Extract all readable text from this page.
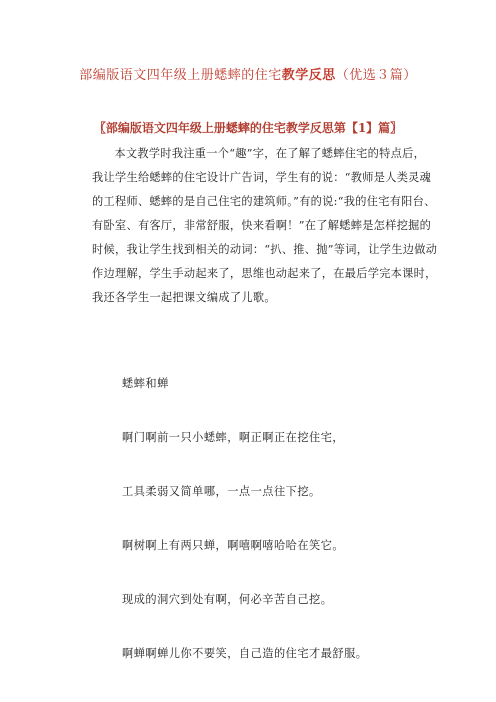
部编版语文四年级上册蟋蟀的住宅教学反思（优选３篇）
〖部编版语文四年级上册蟋蟀的住宅教学反思第【1】篇〗
本文教学时我注重一个“趣”字，在了解了蟋蟀住宅的特点后，
我让学生给蟋蟀的住宅设计广告词，学生有的说：“教师是人类灵魂
的工程师、蟋蟀的是自己住宅的建筑师。”有的说:“我的住宅有阳台、
有卧室、有客厅，非常舒服，快来看啊！”在了解蟋蟀是怎样挖掘的
时候，我让学生找到相关的动词：“扒、推、抛”等词，让学生边做动
作边理解，学生手动起来了，思维也动起来了，在最后学完本课时，
我还各学生一起把课文编成了儿歌。
蟋蟀和蝉
啊门啊前一只小蟋蟀，啊正啊正在挖住宅，
工具柔弱又简单哪，一点一点往下挖。
啊树啊上有两只蝉，啊嘻啊嘻哈哈在笑它。
现成的洞穴到处有啊，何必辛苦自己挖。
啊蝉啊蝉儿你不要笑，自己造的住宅才最舒服。
